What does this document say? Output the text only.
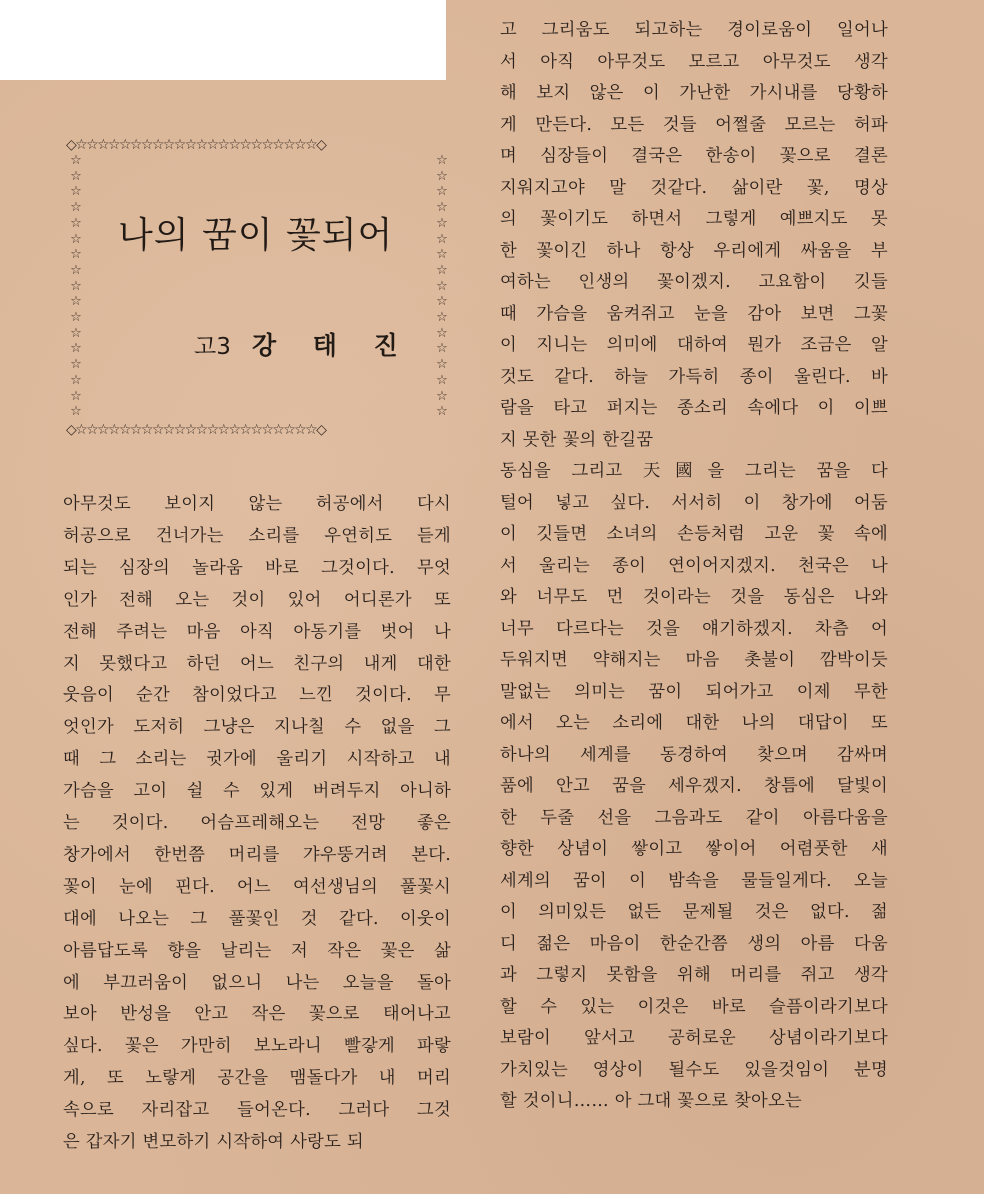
◇☆☆☆☆☆☆☆☆☆☆☆☆☆☆☆☆☆☆☆☆☆☆◇
☆
☆
☆
☆
☆
☆
☆
☆
☆
☆
☆
☆
☆
☆
☆
☆
☆
☆
☆
☆
☆
☆
☆
☆
☆
☆
☆
☆
☆
☆
☆
☆
☆
☆
◇☆☆☆☆☆☆☆☆☆☆☆☆☆☆☆☆☆☆☆☆☆☆◇
나의 꿈이 꽃되어
고3 강 태 진
아무것도 보이지 않는 허공에서 다시
허공으로 건너가는 소리를 우연히도 듣게
되는 심장의 놀라움 바로 그것이다. 무엇
인가 전해 오는 것이 있어 어디론가 또
전해 주려는 마음 아직 아동기를 벗어 나
지 못했다고 하던 어느 친구의 내게 대한
웃음이 순간 참이었다고 느낀 것이다. 무
엇인가 도저히 그냥은 지나칠 수 없을 그
때 그 소리는 귓가에 울리기 시작하고 내
가슴을 고이 쉴 수 있게 버려두지 아니하
는 것이다. 어슴프레해오는 전망 좋은
창가에서 한번쯤 머리를 갸우뚱거려 본다.
꽃이 눈에 핀다. 어느 여선생님의 풀꽃시
대에 나오는 그 풀꽃인 것 같다. 이웃이
아름답도록 향을 날리는 저 작은 꽃은 삶
에 부끄러움이 없으니 나는 오늘을 돌아
보아 반성을 안고 작은 꽃으로 태어나고
싶다. 꽃은 가만히 보노라니 빨갛게 파랗
게, 또 노랗게 공간을 맴돌다가 내 머리
속으로 자리잡고 들어온다. 그러다 그것
은 갑자기 변모하기 시작하여 사랑도 되
고 그리움도 되고하는 경이로움이 일어나
서 아직 아무것도 모르고 아무것도 생각
해 보지 않은 이 가난한 가시내를 당황하
게 만든다. 모든 것들 어쩔줄 모르는 허파
며 심장들이 결국은 한송이 꽃으로 결론
지워지고야 말 것같다. 삶이란 꽃, 명상
의 꽃이기도 하면서 그렇게 예쁘지도 못
한 꽃이긴 하나 항상 우리에게 싸움을 부
여하는 인생의 꽃이겠지. 고요함이 깃들
때 가슴을 움켜쥐고 눈을 감아 보면 그꽃
이 지니는 의미에 대하여 뭔가 조금은 알
것도 같다. 하늘 가득히 종이 울린다. 바
람을 타고 퍼지는 종소리 속에다 이 이쁘
지 못한 꽃의 한길꿈
동심을 그리고 天國을 그리는 꿈을 다
털어 넣고 싶다. 서서히 이 창가에 어둠
이 깃들면 소녀의 손등처럼 고운 꽃 속에
서 울리는 종이 연이어지겠지. 천국은 나
와 너무도 먼 것이라는 것을 동심은 나와
너무 다르다는 것을 얘기하겠지. 차츰 어
두워지면 약해지는 마음 촛불이 깜박이듯
말없는 의미는 꿈이 되어가고 이제 무한
에서 오는 소리에 대한 나의 대답이 또
하나의 세계를 동경하여 찾으며 감싸며
품에 안고 꿈을 세우겠지. 창틈에 달빛이
한 두줄 선을 그음과도 같이 아름다움을
향한 상념이 쌓이고 쌓이어 어렴풋한 새
세계의 꿈이 이 밤속을 물들일게다. 오늘
이 의미있든 없든 문제될 것은 없다. 젊
디 젊은 마음이 한순간쯤 생의 아름 다움
과 그렇지 못함을 위해 머리를 쥐고 생각
할 수 있는 이것은 바로 슬픔이라기보다
보람이 앞서고 공허로운 상념이라기보다
가치있는 영상이 될수도 있을것임이 분명
할 것이니…… 아 그대 꽃으로 찾아오는
